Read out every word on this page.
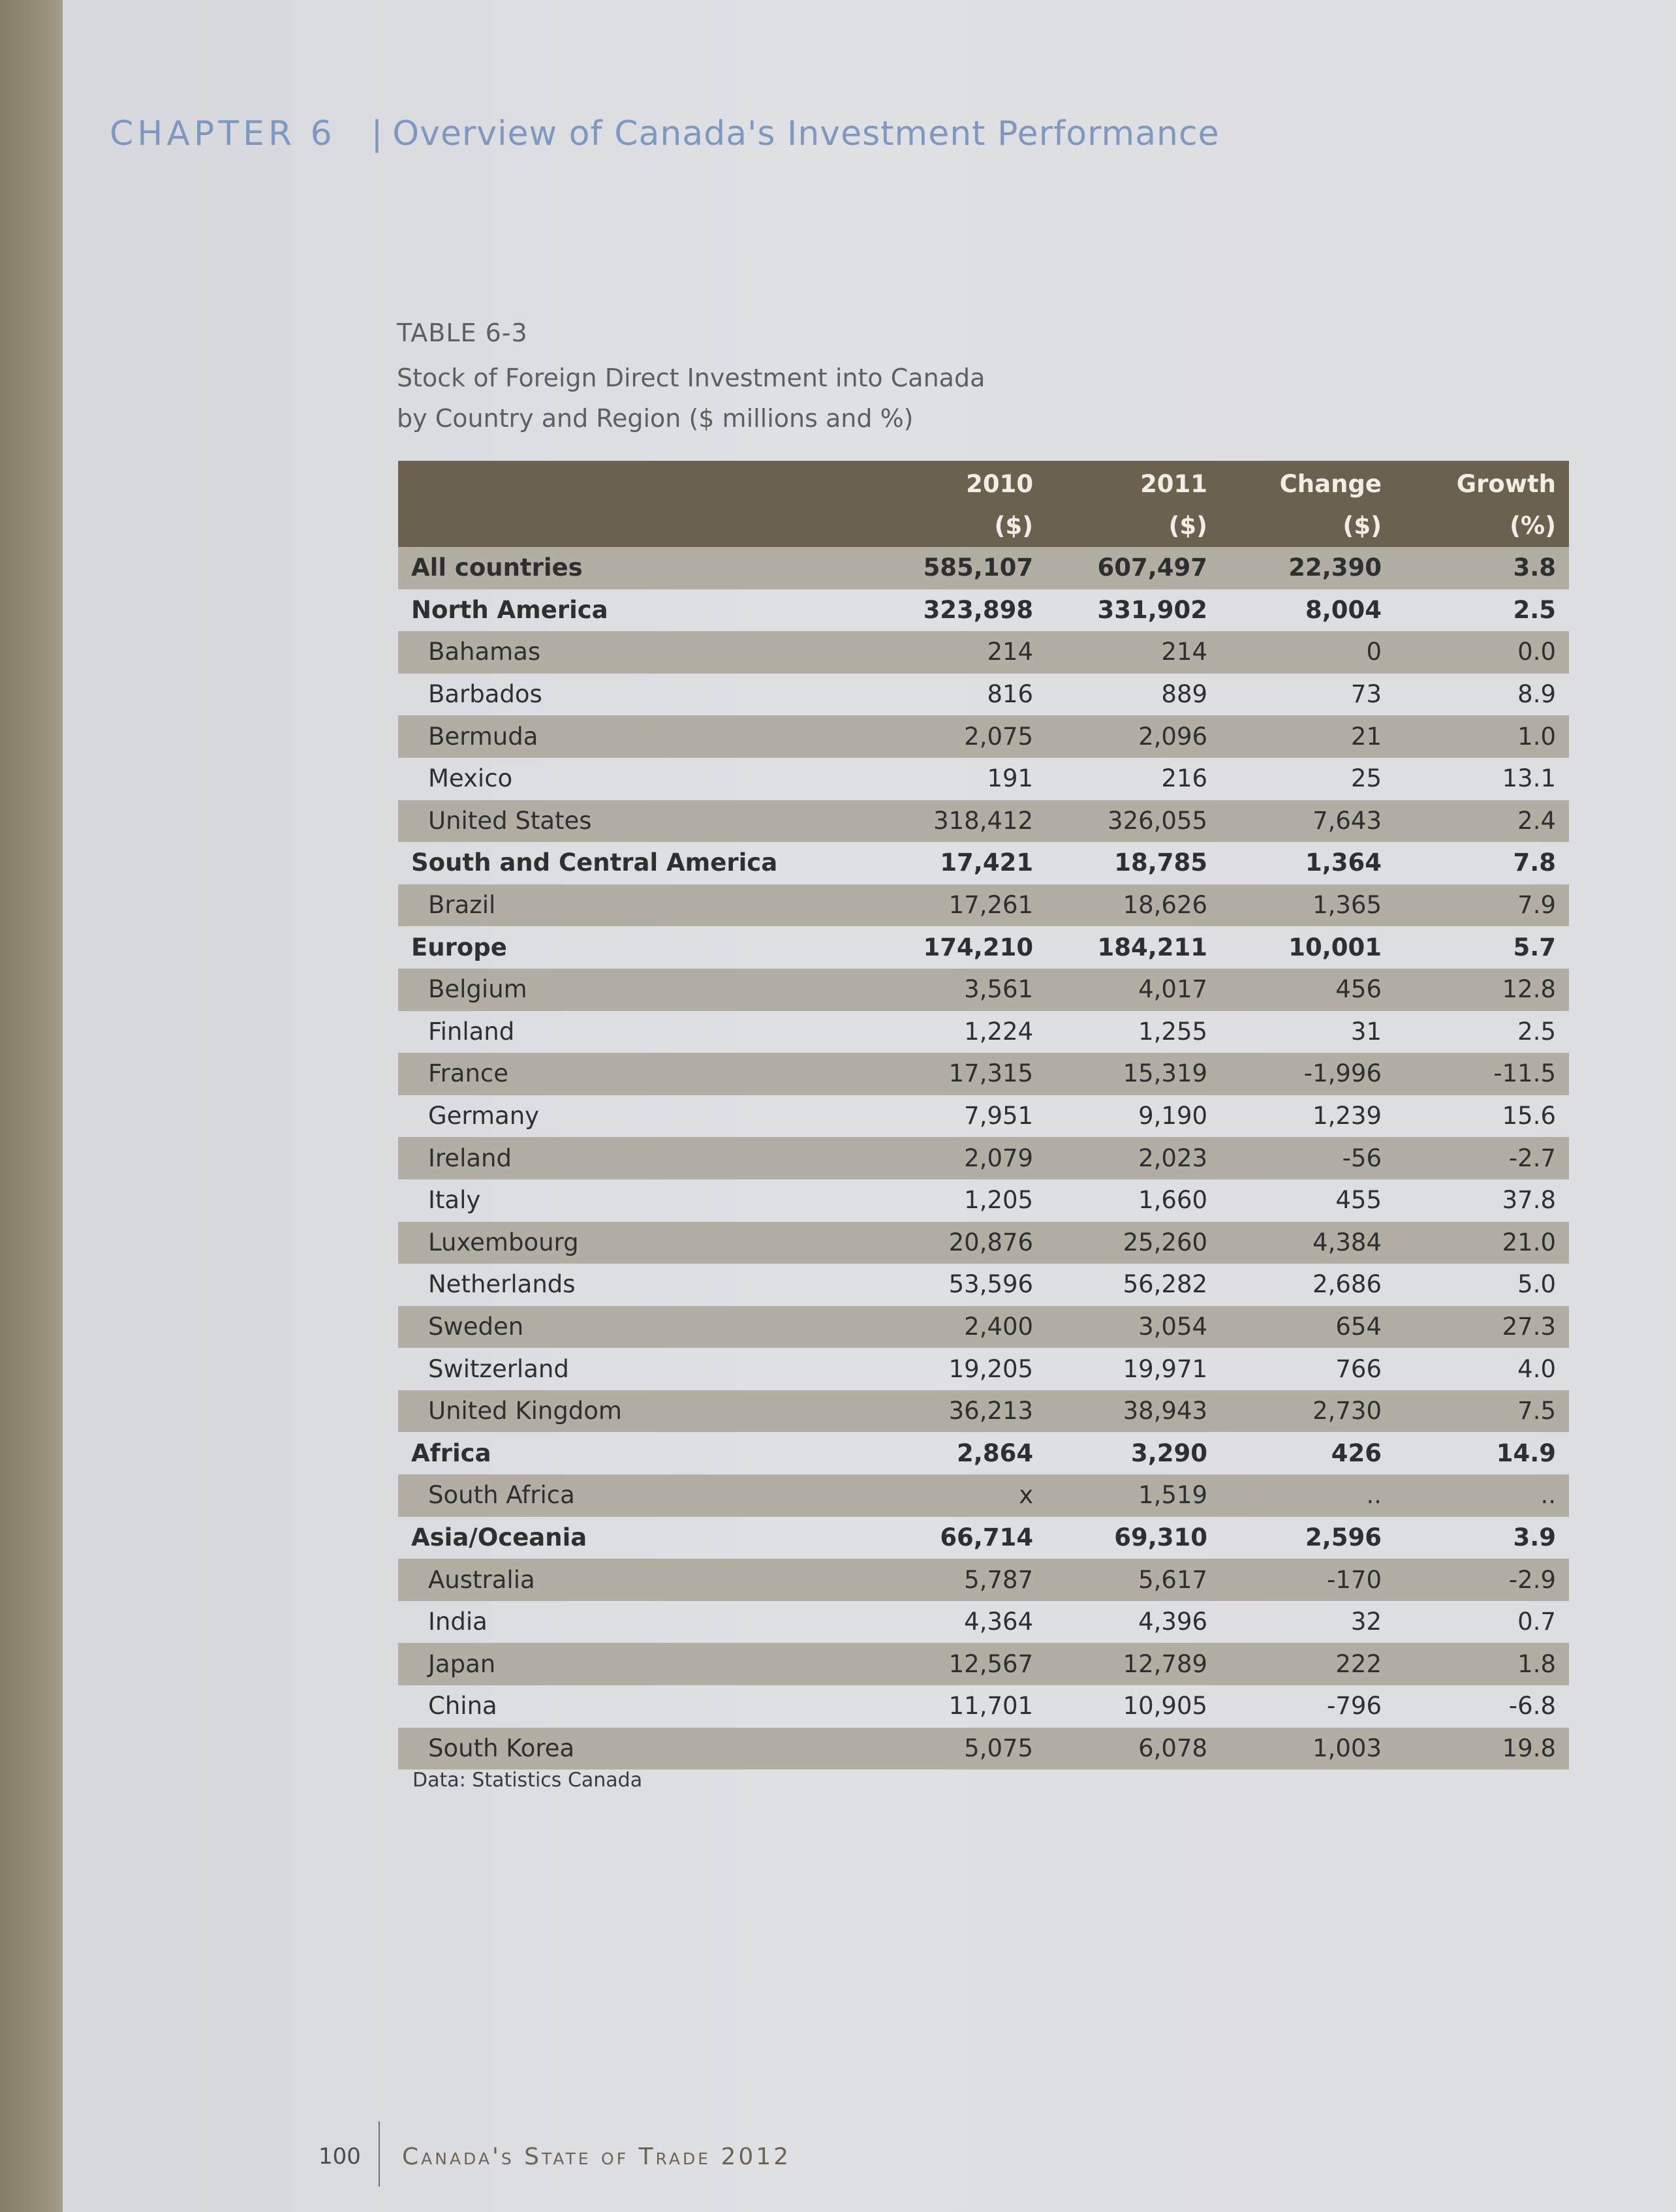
CHAPTER 6 | Overview of Canada's Investment Performance
TABLE 6-3
Stock of Foreign Direct Investment into Canada
by Country and Region ($ millions and %)
	2010	2011	Change	Growth
	($)	($)	($)	(%)
All countries	585,107	607,497	22,390	3.8
North America	323,898	331,902	8,004	2.5
Bahamas	214	214	0	0.0
Barbados	816	889	73	8.9
Bermuda	2,075	2,096	21	1.0
Mexico	191	216	25	13.1
United States	318,412	326,055	7,643	2.4
South and Central America	17,421	18,785	1,364	7.8
Brazil	17,261	18,626	1,365	7.9
Europe	174,210	184,211	10,001	5.7
Belgium	3,561	4,017	456	12.8
Finland	1,224	1,255	31	2.5
France	17,315	15,319	-1,996	-11.5
Germany	7,951	9,190	1,239	15.6
Ireland	2,079	2,023	-56	-2.7
Italy	1,205	1,660	455	37.8
Luxembourg	20,876	25,260	4,384	21.0
Netherlands	53,596	56,282	2,686	5.0
Sweden	2,400	3,054	654	27.3
Switzerland	19,205	19,971	766	4.0
United Kingdom	36,213	38,943	2,730	7.5
Africa	2,864	3,290	426	14.9
South Africa	x	1,519	..	..
Asia/Oceania	66,714	69,310	2,596	3.9
Australia	5,787	5,617	-170	-2.9
India	4,364	4,396	32	0.7
Japan	12,567	12,789	222	1.8
China	11,701	10,905	-796	-6.8
South Korea	5,075	6,078	1,003	19.8
Data: Statistics Canada
100 Canada's State of Trade 2012
